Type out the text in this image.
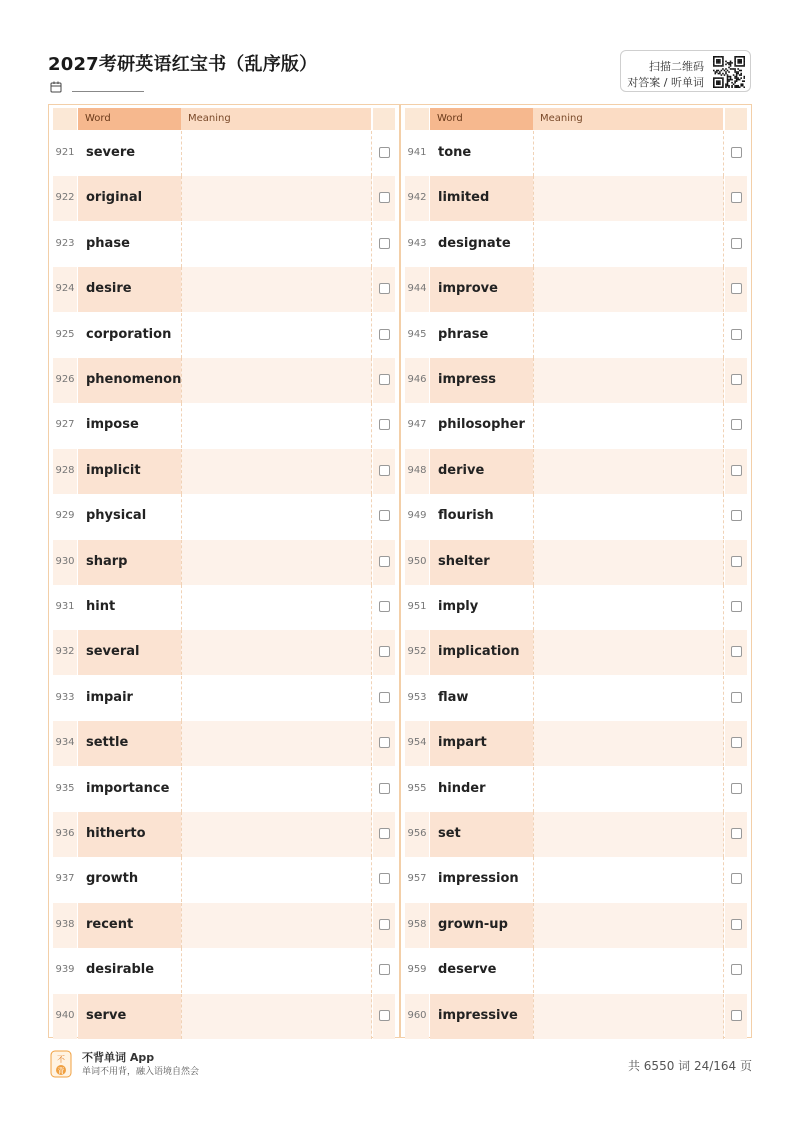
2027考研英语红宝书（乱序版）	扫描二维码
对答案 / 听单词
Word	Meaning
921 severe
922 original
923 phase
924 desire
925 corporation
926 phenomenon
927 impose
928 implicit
929 physical
930 sharp
931 hint
932 several
933 impair
934 settle
935 importance
936 hitherto
937 growth
938 recent
939 desirable
940 serve
Word	Meaning
941 tone
942 limited
943 designate
944 improve
945 phrase
946 impress
947 philosopher
948 derive
949 flourish
950 shelter
951 imply
952 implication
953 flaw
954 impart
955 hinder
956 set
957 impression
958 grown-up
959 deserve
960 impressive
不
背
不背单词 App
单词不用背，融入语境自然会	共 6550 词 24/164 页
